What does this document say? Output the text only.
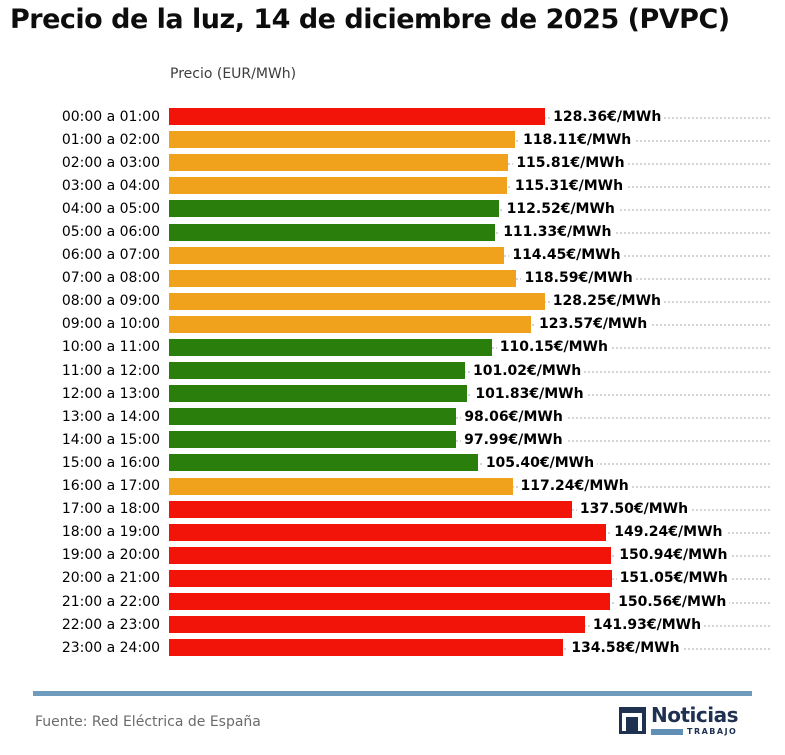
Precio de la luz, 14 de diciembre de 2025 (PVPC)
Precio (EUR/MWh)
00:00 a 01:00	128.36€/MWh
01:00 a 02:00	118.11€/MWh
02:00 a 03:00	115.81€/MWh
03:00 a 04:00	115.31€/MWh
04:00 a 05:00	112.52€/MWh
05:00 a 06:00	111.33€/MWh
06:00 a 07:00	114.45€/MWh
07:00 a 08:00	118.59€/MWh
08:00 a 09:00	128.25€/MWh
09:00 a 10:00	123.57€/MWh
10:00 a 11:00	110.15€/MWh
11:00 a 12:00	101.02€/MWh
12:00 a 13:00	101.83€/MWh
13:00 a 14:00	98.06€/MWh
14:00 a 15:00	97.99€/MWh
15:00 a 16:00	105.40€/MWh
16:00 a 17:00	117.24€/MWh
17:00 a 18:00	137.50€/MWh
18:00 a 19:00	149.24€/MWh
19:00 a 20:00	150.94€/MWh
20:00 a 21:00	151.05€/MWh
21:00 a 22:00	150.56€/MWh
22:00 a 23:00	141.93€/MWh
23:00 a 24:00	134.58€/MWh
Fuente: Red Eléctrica de España	Noticias
TRABAJO
